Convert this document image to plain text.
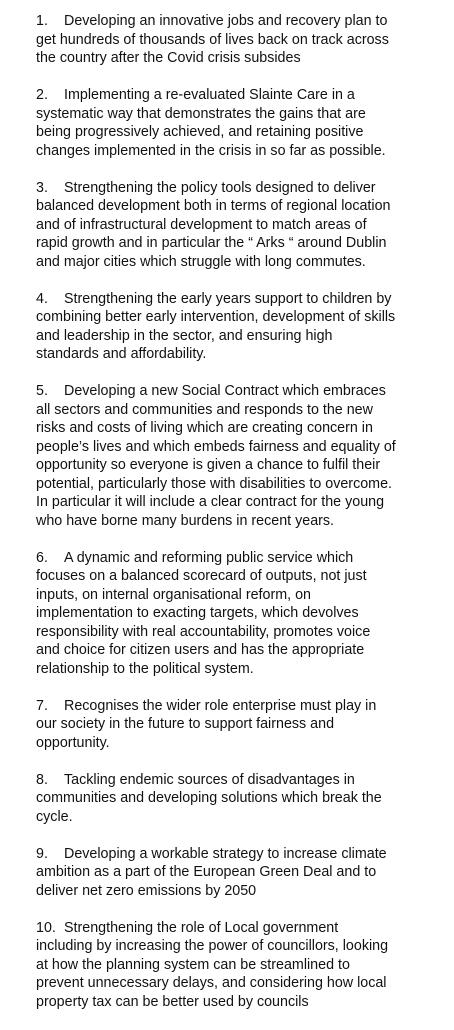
1. Developing an innovative jobs and recovery plan to
get hundreds of thousands of lives back on track across
the country after the Covid crisis subsides

2. Implementing a re-evaluated Slainte Care in a
systematic way that demonstrates the gains that are
being progressively achieved, and retaining positive
changes implemented in the crisis in so far as possible.

3. Strengthening the policy tools designed to deliver
balanced development both in terms of regional location
and of infrastructural development to match areas of
rapid growth and in particular the “ Arks “ around Dublin
and major cities which struggle with long commutes.

4. Strengthening the early years support to children by
combining better early intervention, development of skills
and leadership in the sector, and ensuring high
standards and affordability.

5. Developing a new Social Contract which embraces
all sectors and communities and responds to the new
risks and costs of living which are creating concern in
people’s lives and which embeds fairness and equality of
opportunity so everyone is given a chance to fulfil their
potential, particularly those with disabilities to overcome.
In particular it will include a clear contract for the young
who have borne many burdens in recent years.

6. A dynamic and reforming public service which
focuses on a balanced scorecard of outputs, not just
inputs, on internal organisational reform, on
implementation to exacting targets, which devolves
responsibility with real accountability, promotes voice
and choice for citizen users and has the appropriate
relationship to the political system.

7. Recognises the wider role enterprise must play in
our society in the future to support fairness and
opportunity.

8. Tackling endemic sources of disadvantages in
communities and developing solutions which break the
cycle.

9. Developing a workable strategy to increase climate
ambition as a part of the European Green Deal and to
deliver net zero emissions by 2050

10. Strengthening the role of Local government
including by increasing the power of councillors, looking
at how the planning system can be streamlined to
prevent unnecessary delays, and considering how local
property tax can be better used by councils
